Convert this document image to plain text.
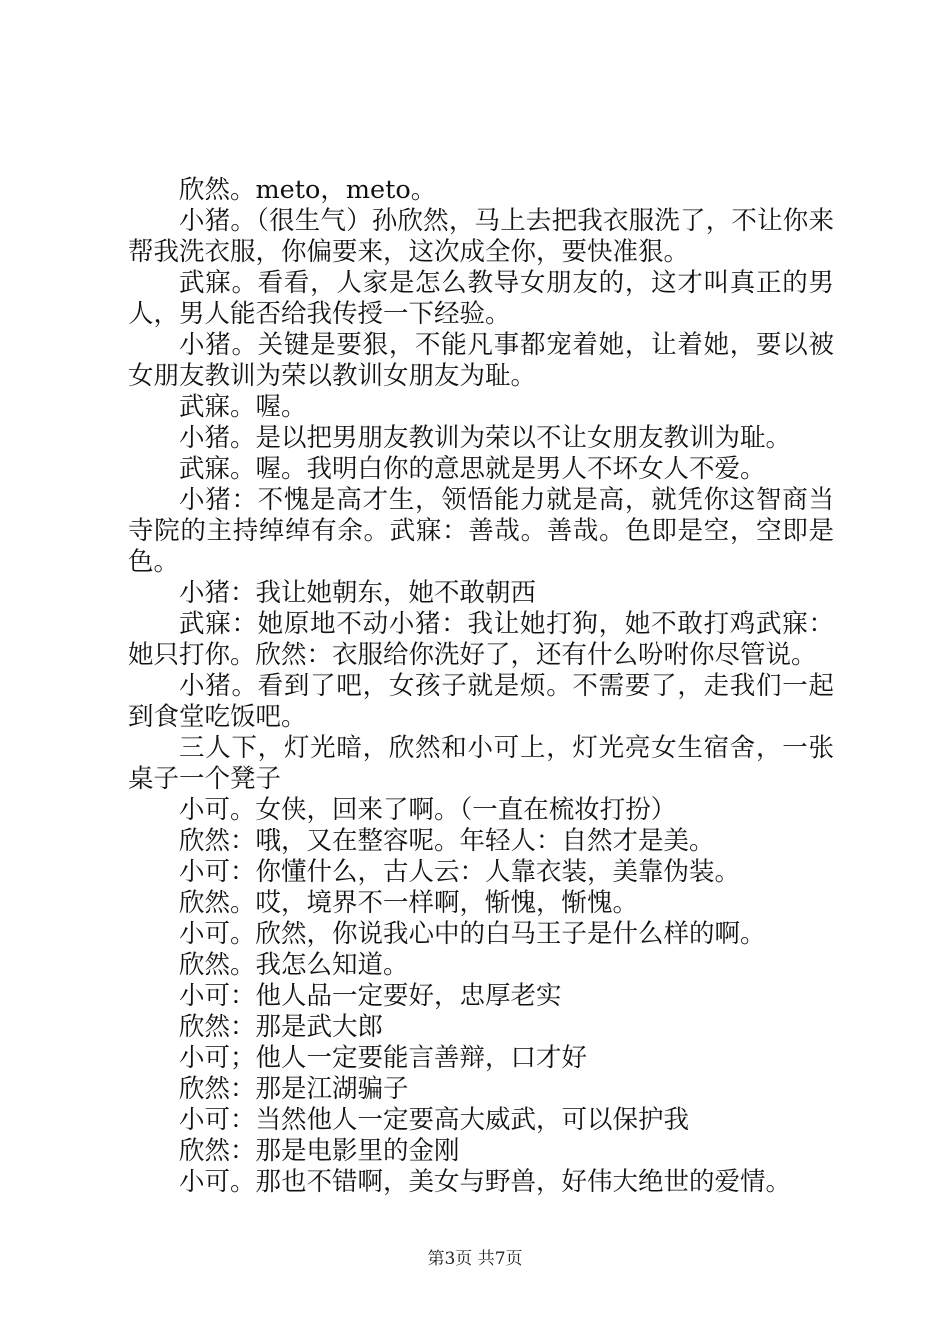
欣然。meto，meto。

小猪。（很生气）孙欣然，马上去把我衣服洗了，不让你来帮我洗衣服，你偏要来，这次成全你，要快准狠。

武寐。看看，人家是怎么教导女朋友的，这才叫真正的男人，男人能否给我传授一下经验。

小猪。关键是要狠，不能凡事都宠着她，让着她，要以被女朋友教训为荣以教训女朋友为耻。

武寐。喔。

小猪。是以把男朋友教训为荣以不让女朋友教训为耻。

武寐。喔。我明白你的意思就是男人不坏女人不爱。

小猪：不愧是高才生，领悟能力就是高，就凭你这智商当寺院的主持绰绰有余。武寐：善哉。善哉。色即是空，空即是色。

小猪：我让她朝东，她不敢朝西

武寐：她原地不动小猪：我让她打狗，她不敢打鸡武寐：她只打你。欣然：衣服给你洗好了，还有什么吩咐你尽管说。

小猪。看到了吧，女孩子就是烦。不需要了，走我们一起到食堂吃饭吧。

三人下，灯光暗，欣然和小可上，灯光亮女生宿舍，一张桌子一个凳子

小可。女侠，回来了啊。（一直在梳妆打扮）

欣然：哦，又在整容呢。年轻人：自然才是美。

小可：你懂什么，古人云：人靠衣装，美靠伪装。

欣然。哎，境界不一样啊，惭愧，惭愧。

小可。欣然，你说我心中的白马王子是什么样的啊。

欣然。我怎么知道。

小可：他人品一定要好，忠厚老实

欣然：那是武大郎

小可；他人一定要能言善辩，口才好

欣然：那是江湖骗子

小可：当然他人一定要高大威武，可以保护我

欣然：那是电影里的金刚

小可。那也不错啊，美女与野兽，好伟大绝世的爱情。

第3页 共7页
